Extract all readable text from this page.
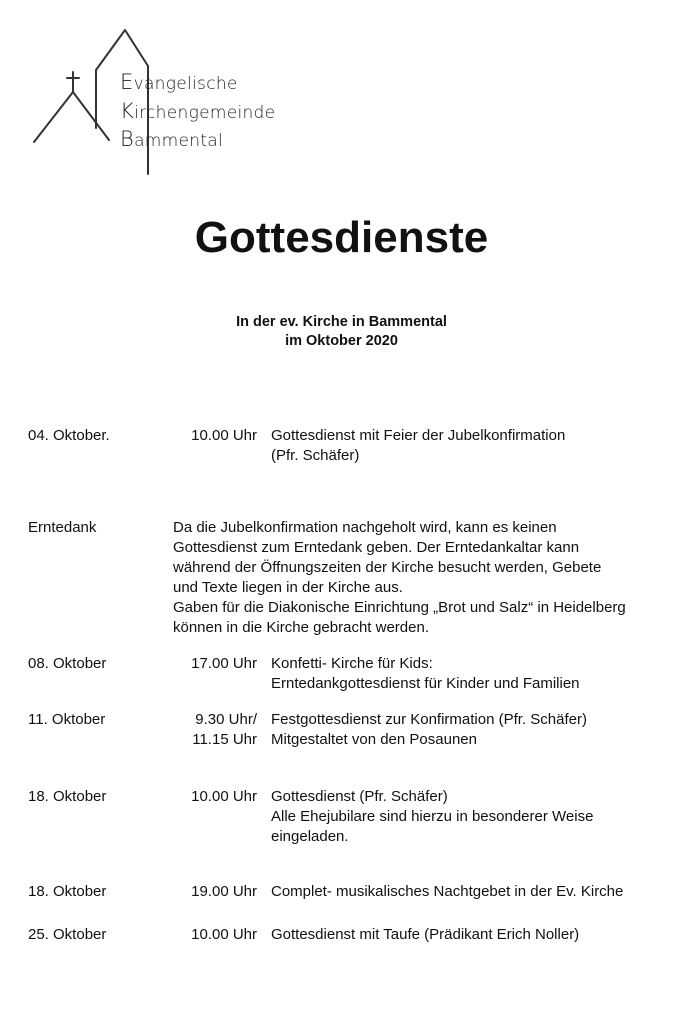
Evangelische
Kirchengemeinde
Bammental
Gottesdienste
In der ev. Kirche in Bammental
im Oktober 2020
04. Oktober.	10.00 Uhr Gottesdienst mit Feier der Jubelkonfirmation
(Pfr. Schäfer)
Erntedank	Da die Jubelkonfirmation nachgeholt wird, kann es keinen
Gottesdienst zum Erntedank geben. Der Erntedankaltar kann
während der Öffnungszeiten der Kirche besucht werden, Gebete
und Texte liegen in der Kirche aus.
Gaben für die Diakonische Einrichtung „Brot und Salz“ in Heidelberg
können in die Kirche gebracht werden.
08. Oktober	17.00 Uhr Konfetti- Kirche für Kids:
Erntedankgottesdienst für Kinder und Familien
11. Oktober	9.30 Uhr/ Festgottesdienst zur Konfirmation (Pfr. Schäfer)
11.15 Uhr Mitgestaltet von den Posaunen
18. Oktober	10.00 Uhr Gottesdienst (Pfr. Schäfer)
Alle Ehejubilare sind hierzu in besonderer Weise
eingeladen.
18. Oktober	19.00 Uhr Complet- musikalisches Nachtgebet in der Ev. Kirche
25. Oktober	10.00 Uhr Gottesdienst mit Taufe (Prädikant Erich Noller)
